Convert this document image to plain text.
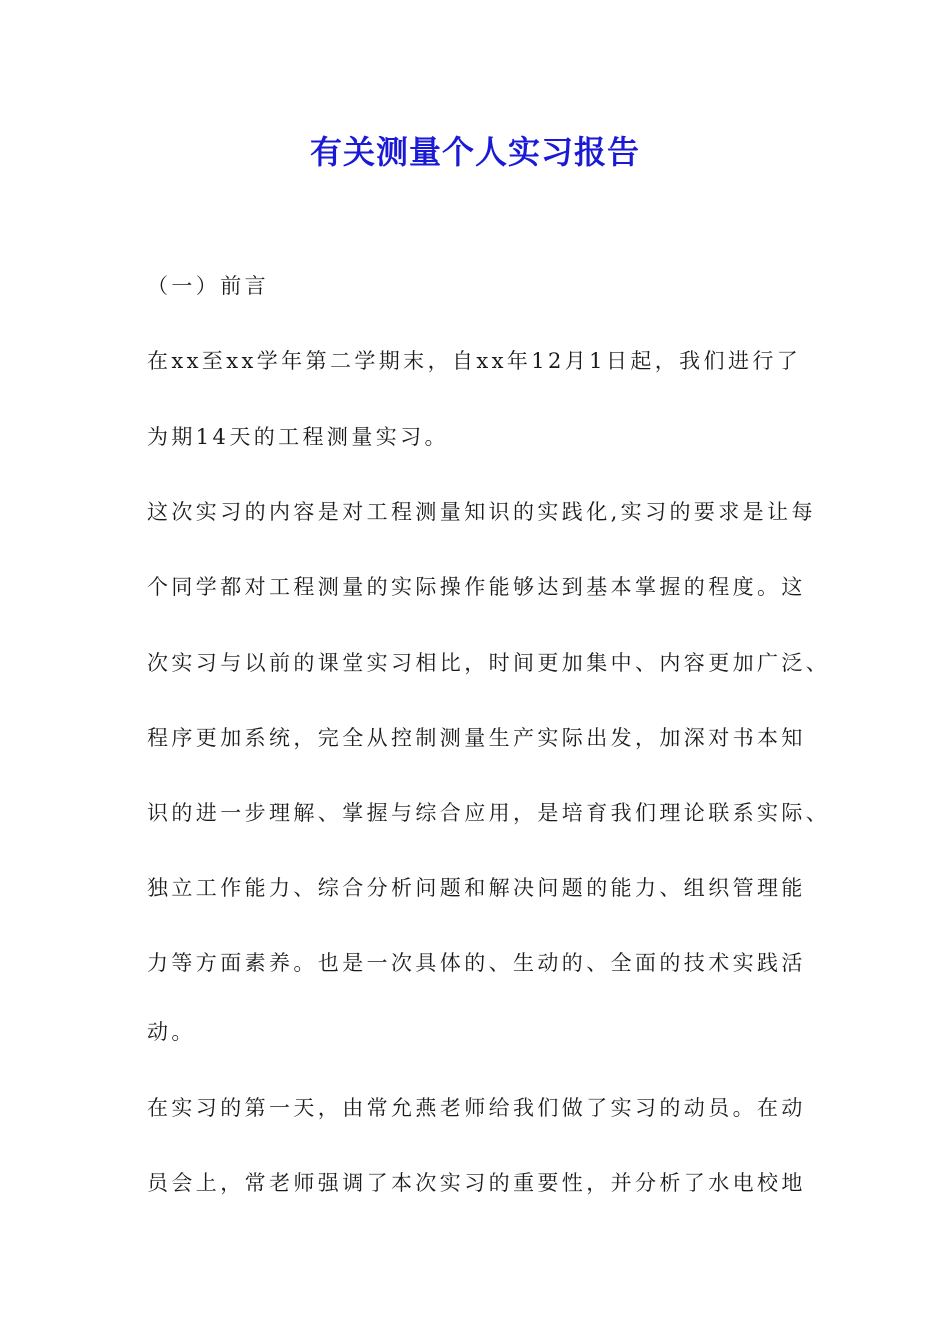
有关测量个人实习报告
（一）前言
在xx至xx学年第二学期末，自xx年12月1日起，我们进行了
为期14天的工程测量实习。
这次实习的内容是对工程测量知识的实践化,实习的要求是让每
个同学都对工程测量的实际操作能够达到基本掌握的程度。这
次实习与以前的课堂实习相比，时间更加集中、内容更加广泛、
程序更加系统，完全从控制测量生产实际出发，加深对书本知
识的进一步理解、掌握与综合应用，是培育我们理论联系实际、
独立工作能力、综合分析问题和解决问题的能力、组织管理能
力等方面素养。也是一次具体的、生动的、全面的技术实践活
动。
在实习的第一天，由常允燕老师给我们做了实习的动员。在动
员会上，常老师强调了本次实习的重要性，并分析了水电校地
